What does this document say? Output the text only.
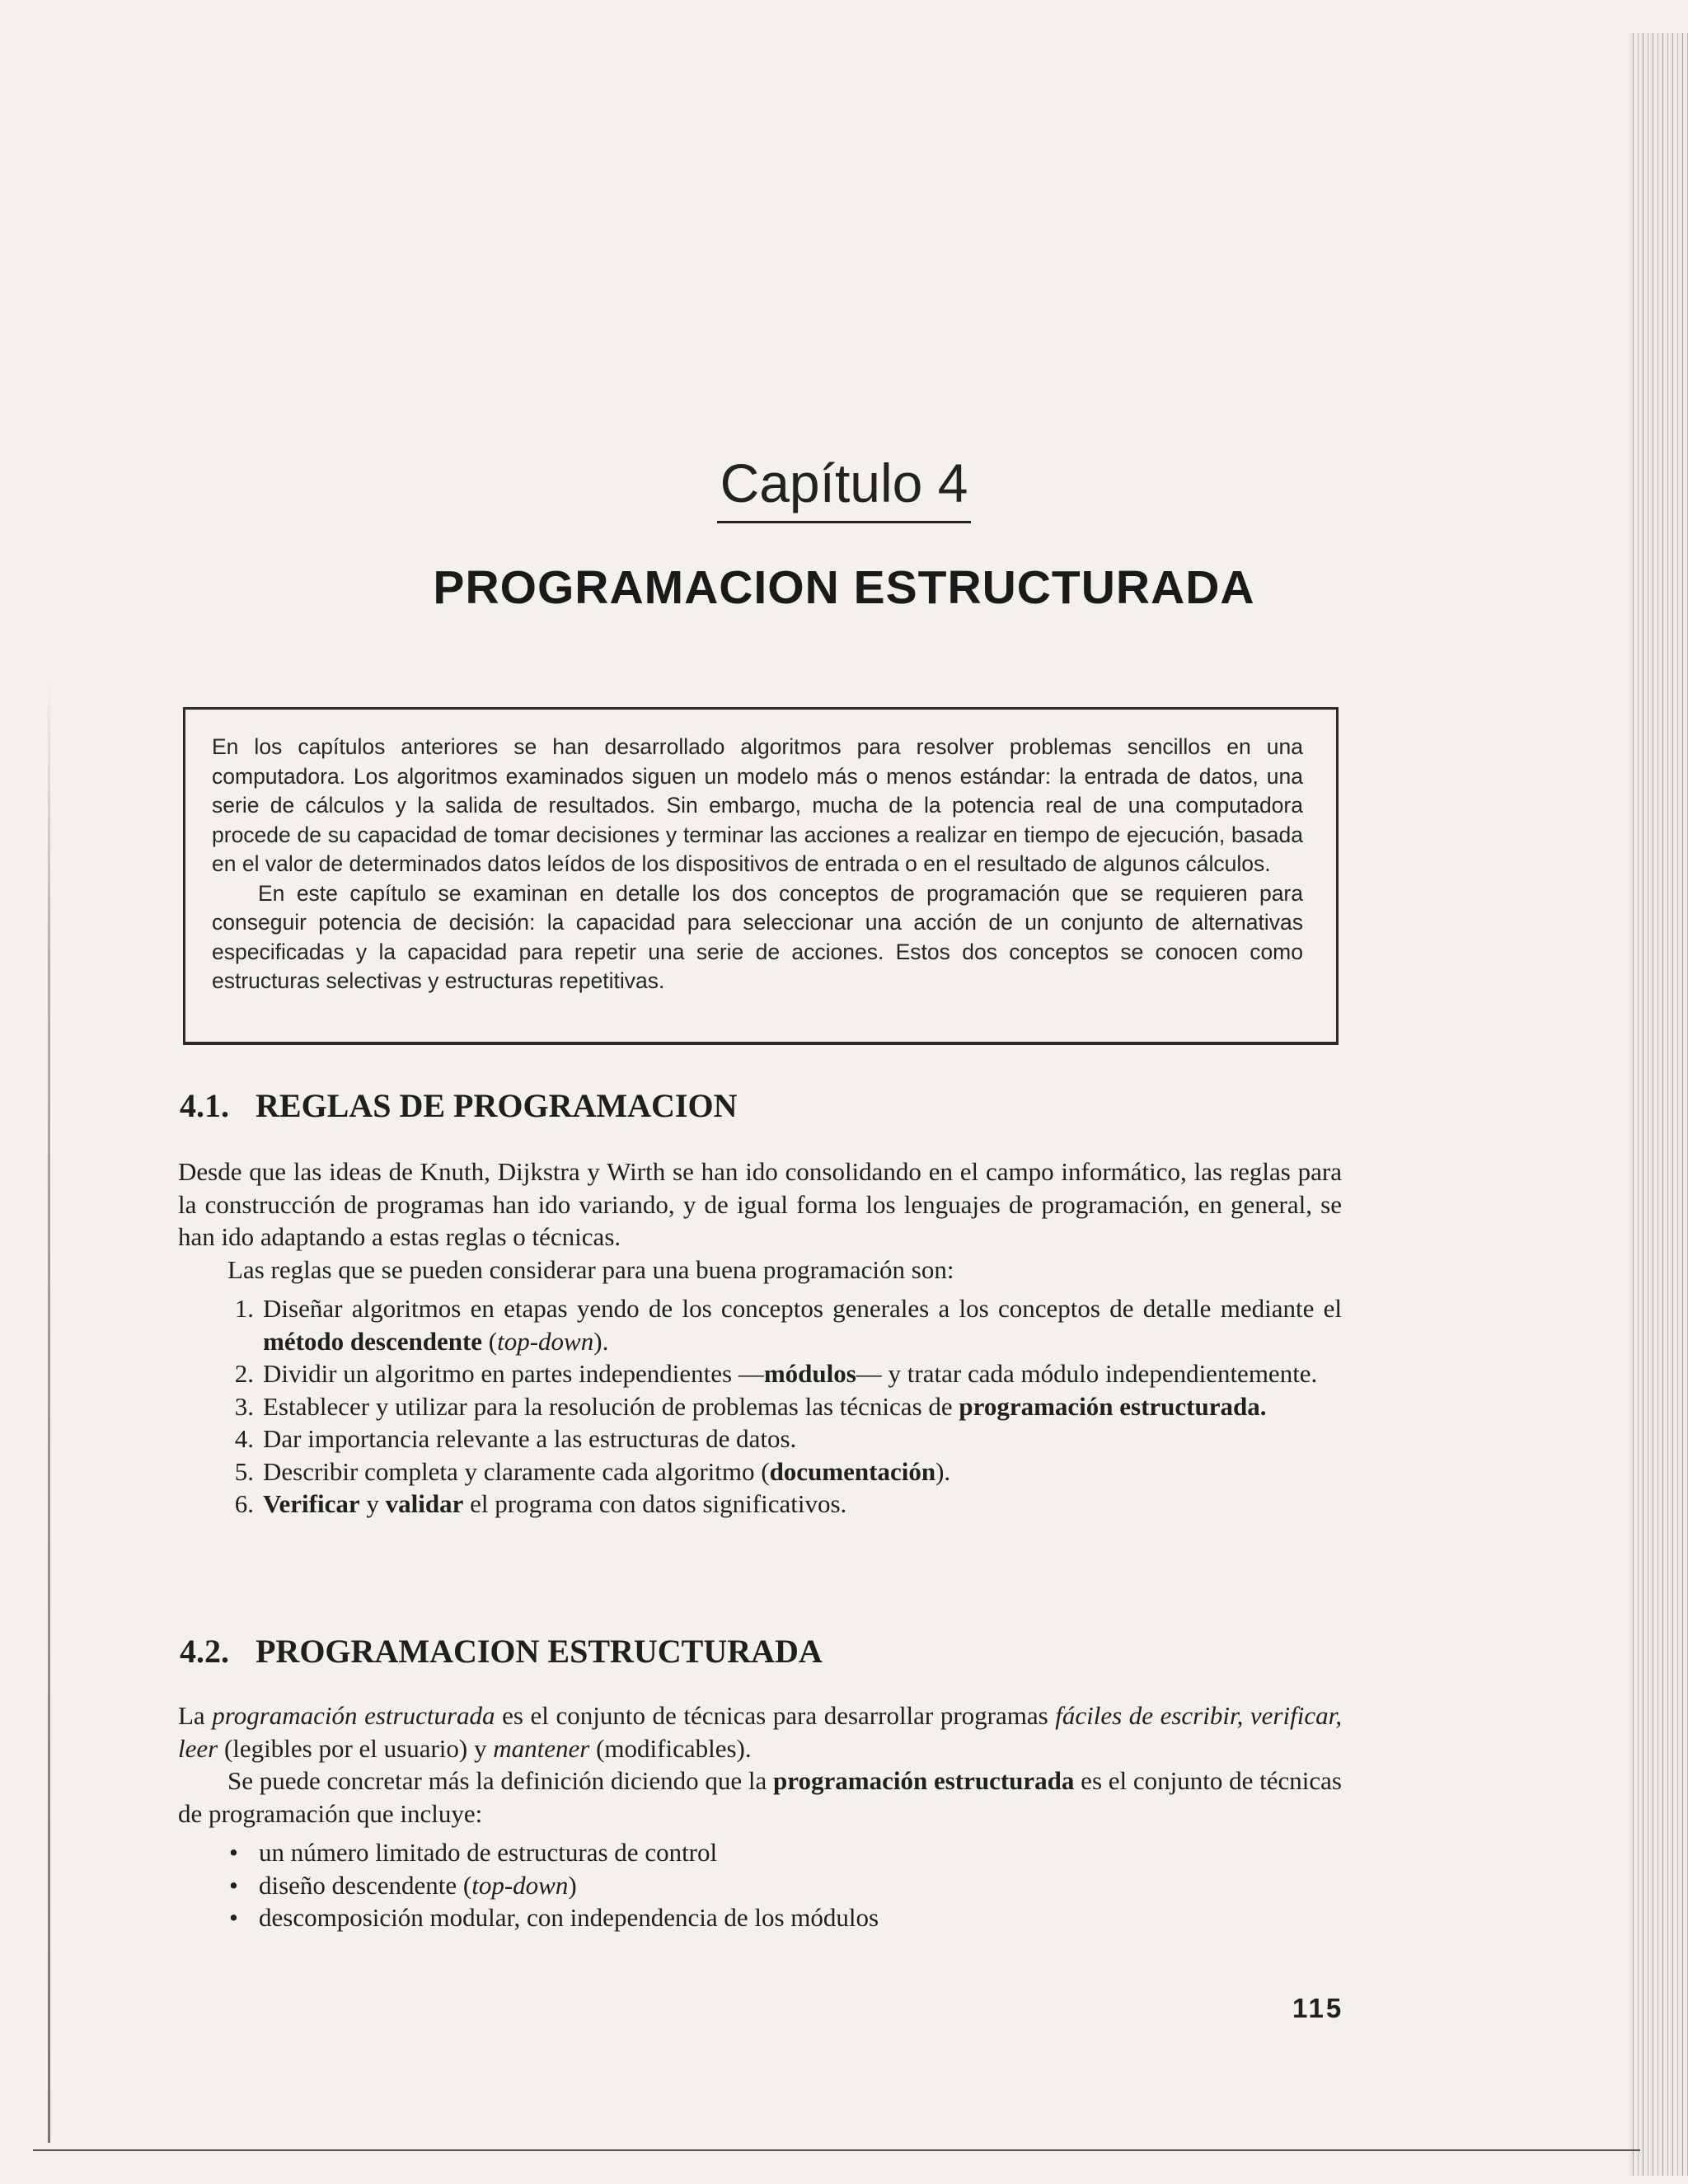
Capítulo 4
PROGRAMACION ESTRUCTURADA

En los capítulos anteriores se han desarrollado algoritmos para resolver problemas sencillos en una computadora. Los algoritmos examinados siguen un modelo más o menos estándar: la entrada de datos, una serie de cálculos y la salida de resultados. Sin embargo, mucha de la potencia real de una computadora procede de su capacidad de tomar decisiones y terminar las acciones a realizar en tiempo de ejecución, basada en el valor de determinados datos leídos de los dispositivos de entrada o en el resultado de algunos cálculos.

En este capítulo se examinan en detalle los dos conceptos de programación que se requieren para conseguir potencia de decisión: la capacidad para seleccionar una acción de un conjunto de alternativas especificadas y la capacidad para repetir una serie de acciones. Estos dos conceptos se conocen como estructuras selectivas y estructuras repetitivas.

4.1. REGLAS DE PROGRAMACION

Desde que las ideas de Knuth, Dijkstra y Wirth se han ido consolidando en el campo informático, las reglas para la construcción de programas han ido variando, y de igual forma los lenguajes de programación, en general, se han ido adaptando a estas reglas o técnicas.

Las reglas que se pueden considerar para una buena programación son:

1. Diseñar algoritmos en etapas yendo de los conceptos generales a los conceptos de detalle mediante el método descendente (top-down).
2. Dividir un algoritmo en partes independientes —módulos— y tratar cada módulo independientemente.
3. Establecer y utilizar para la resolución de problemas las técnicas de programación estructurada.
4. Dar importancia relevante a las estructuras de datos.
5. Describir completa y claramente cada algoritmo (documentación).
6. Verificar y validar el programa con datos significativos.
4.2. PROGRAMACION ESTRUCTURADA

La programación estructurada es el conjunto de técnicas para desarrollar programas fáciles de escribir, verificar, leer (legibles por el usuario) y mantener (modificables).

Se puede concretar más la definición diciendo que la programación estructurada es el conjunto de técnicas de programación que incluye:

• un número limitado de estructuras de control
• diseño descendente (top-down)
• descomposición modular, con independencia de los módulos
115
